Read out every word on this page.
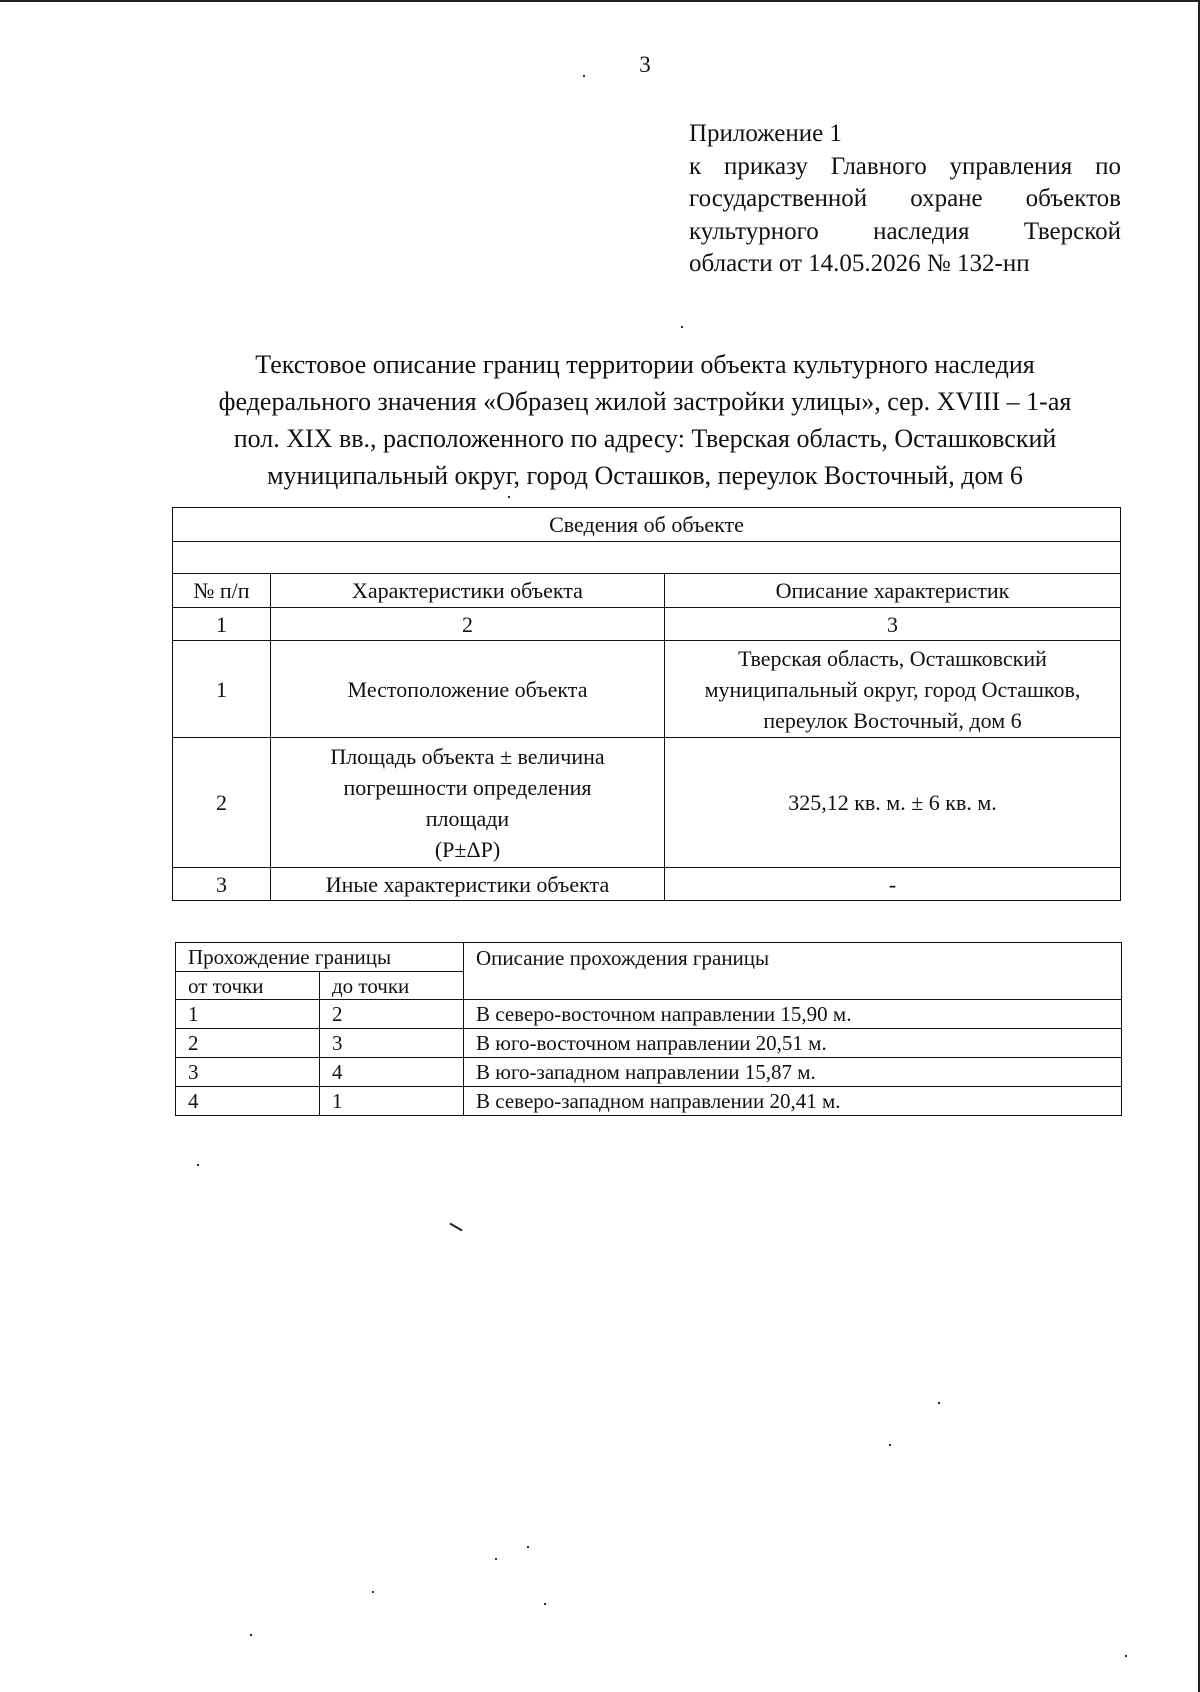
3
Приложение 1
к приказу Главного управления по
государственной охране объектов
культурного наследия Тверской
области от 14.05.2026 № 132-нп
Текстовое описание границ территории объекта культурного наследия
федерального значения «Образец жилой застройки улицы», сер. XVIII – 1-ая
пол. XIX вв., расположенного по адресу: Тверская область, Осташковский
муниципальный округ, город Осташков, переулок Восточный, дом 6
Сведения об объекте		

№ п/п	Характеристики объекта	Описание характеристик
1	2	3
1	Местоположение объекта	Тверская область, Осташковский
муниципальный округ, город Осташков,
переулок Восточный, дом 6

2	Площадь объекта ± величина
погрешности определения
площади
(P±ΔP)	325,12 кв. м. ± 6 кв. м.

3	Иные характеристики объекта	-
Прохождение границы		Описание прохождения границы
от точки	до точки	
1	2	В северо-восточном направлении 15,90 м.
2	3	В юго-восточном направлении 20,51 м.
3	4	В юго-западном направлении 15,87 м.
4	1	В северо-западном направлении 20,41 м.
